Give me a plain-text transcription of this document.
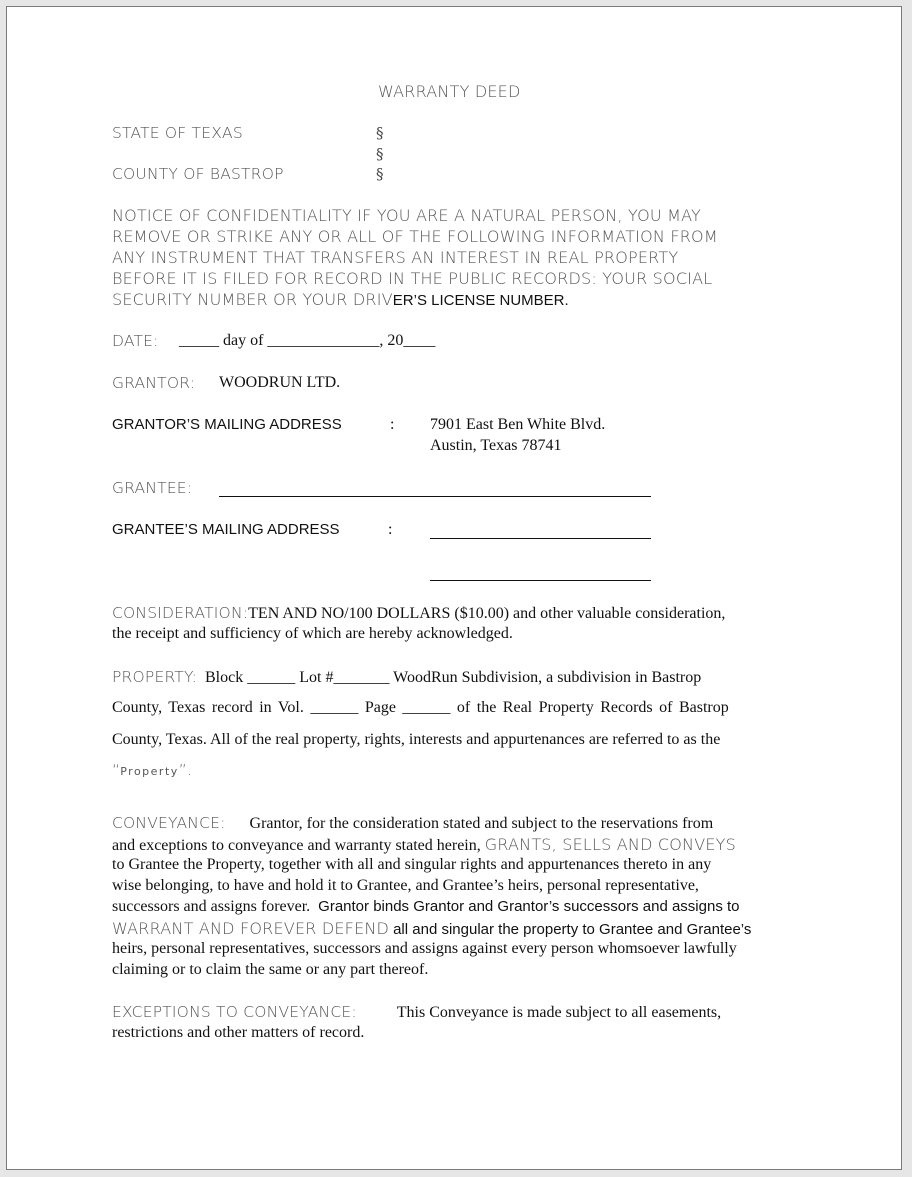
WARRANTY DEED
STATE OF TEXAS	§
§
COUNTY OF BASTROP	§
NOTICE OF CONFIDENTIALITY IF YOU ARE A NATURAL PERSON, YOU MAY
REMOVE OR STRIKE ANY OR ALL OF THE FOLLOWING INFORMATION FROM
ANY INSTRUMENT THAT TRANSFERS AN INTEREST IN REAL PROPERTY
BEFORE IT IS FILED FOR RECORD IN THE PUBLIC RECORDS: YOUR SOCIAL
SECURITY NUMBER OR YOUR DRIVER’S LICENSE NUMBER.
DATE: _____ day of ______________, 20____
GRANTOR: WOODRUN LTD.
GRANTOR’S MAILING ADDRESS	: 7901 East Ben White Blvd.
Austin, Texas 78741
GRANTEE:
GRANTEE’S MAILING ADDRESS	:
CONSIDERATION:TEN AND NO/100 DOLLARS ($10.00) and other valuable consideration,
the receipt and sufficiency of which are hereby acknowledged.
PROPERTY: Block ______ Lot #_______ WoodRun Subdivision, a subdivision in Bastrop
County, Texas record in Vol. ______ Page ______ of the Real Property Records of Bastrop
County, Texas. All of the real property, rights, interests and appurtenances are referred to as the
“Property”.
CONVEYANCE: Grantor, for the consideration stated and subject to the reservations from
and exceptions to conveyance and warranty stated herein, GRANTS, SELLS AND CONVEYS
to Grantee the Property, together with all and singular rights and appurtenances thereto in any
wise belonging, to have and hold it to Grantee, and Grantee’s heirs, personal representative,
successors and assigns forever. Grantor binds Grantor and Grantor’s successors and assigns to
WARRANT AND FOREVER DEFEND all and singular the property to Grantee and Grantee’s
heirs, personal representatives, successors and assigns against every person whomsoever lawfully
claiming or to claim the same or any part thereof.
EXCEPTIONS TO CONVEYANCE:	This Conveyance is made subject to all easements,
restrictions and other matters of record.
